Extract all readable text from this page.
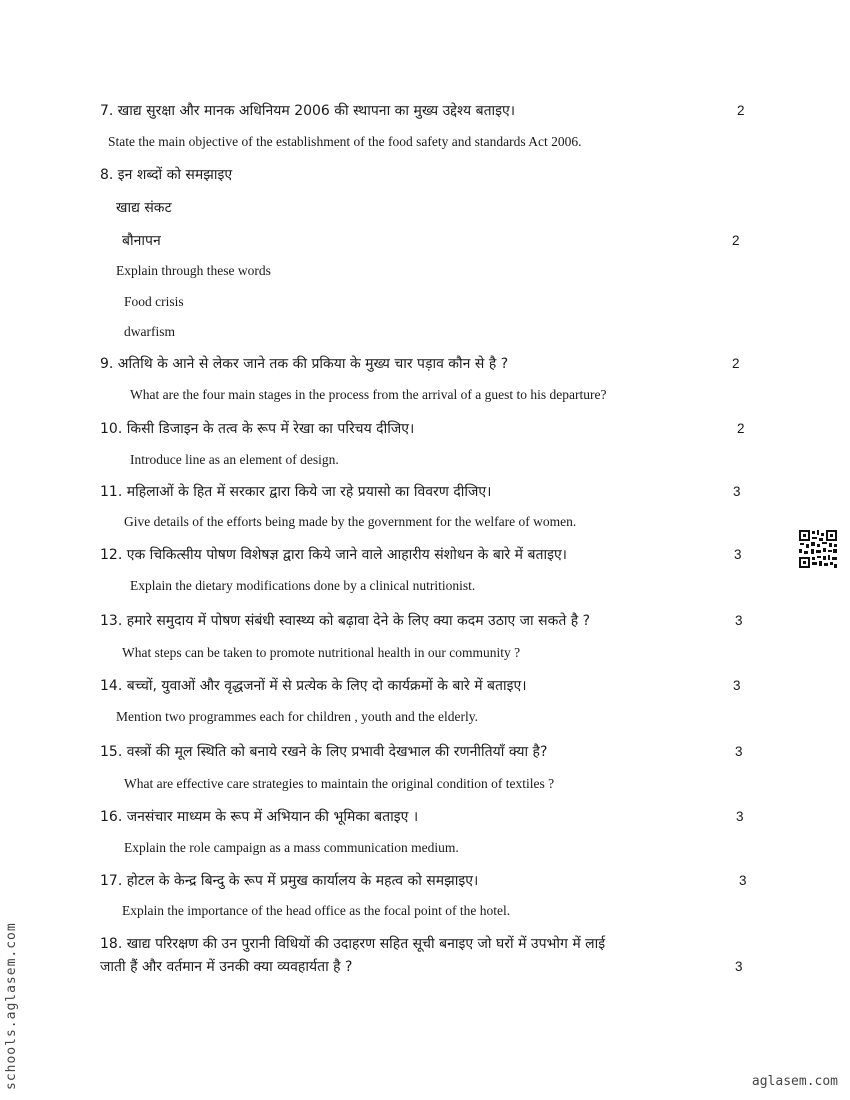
7. खाद्य सुरक्षा और मानक अधिनियम 2006 की स्थापना का मुख्य उद्देश्य बताइए।	2
State the main objective of the establishment of the food safety and standards Act 2006.
8. इन शब्दों को समझाइए
खाद्य संकट
बौनापन	2
Explain through these words
Food crisis
dwarfism
9. अतिथि के आने से लेकर जाने तक की प्रकिया के मुख्य चार पड़ाव कौन से है ?	2
What are the four main stages in the process from the arrival of a guest to his departure?
10. किसी डिजाइन के तत्व के रूप में रेखा का परिचय दीजिए।	2
Introduce line as an element of design.
11. महिलाओं के हित में सरकार द्वारा किये जा रहे प्रयासो का विवरण दीजिए।	3
Give details of the efforts being made by the government for the welfare of women.
12. एक चिकित्सीय पोषण विशेषज्ञ द्वारा किये जाने वाले आहारीय संशोधन के बारे में बताइए।	3
Explain the dietary modifications done by a clinical nutritionist.
13. हमारे समुदाय में पोषण संबंधी स्वास्थ्य को बढ़ावा देने के लिए क्या कदम उठाए जा सकते है ?	3
What steps can be taken to promote nutritional health in our community ?
14. बच्चों, युवाओं और वृद्धजनों में से प्रत्येक के लिए दो कार्यक्रमों के बारे में बताइए।	3
Mention two programmes each for children , youth and the elderly.
15. वस्त्रों की मूल स्थिति को बनाये रखने के लिए प्रभावी देखभाल की रणनीतियॉं क्या है?	3
What are effective care strategies to maintain the original condition of textiles ?
16. जनसंचार माध्यम के रूप में अभियान की भूमिका बताइए ।	3
Explain the role campaign as a mass communication medium.
17. होटल के केन्द्र बिन्दु के रूप में प्रमुख कार्यालय के महत्व को समझाइए।	3
Explain the importance of the head office as the focal point of the hotel.
18. खाद्य परिरक्षण की उन पुरानी विधियों की उदाहरण सहित सूची बनाइए जो घरों में उपभोग में लाई
जाती हैं और वर्तमान में उनकी क्या व्यवहार्यता है ?	3
schools.aglasem.com	aglasem.com
